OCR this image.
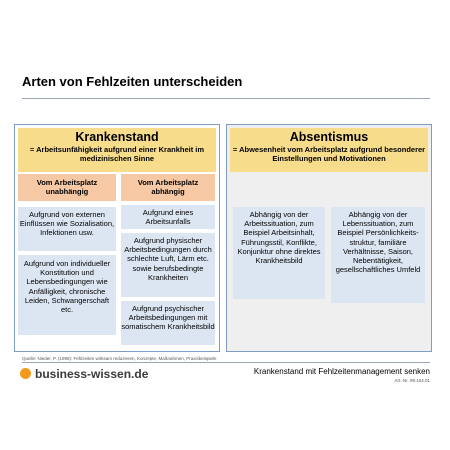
Arten von Fehlzeiten unterscheiden
Krankenstand
= Arbeitsunfähigkeit aufgrund einer Krankheit im medizinischen Sinne
Vom Arbeitsplatz unabhängig
Vom Arbeitsplatz abhängig
Aufgrund von externen Einflüssen wie Sozialisation, Infektionen usw.
Aufgrund von individueller Konstitution und Lebensbedingungen wie Anfälligkeit, chronische Leiden, Schwangerschaft etc.
Aufgrund eines Arbeitsunfalls
Aufgrund physischer Arbeitsbedingungen durch schlechte Luft, Lärm etc. sowie berufsbedingte Krankheiten
Aufgrund psychischer Arbeitsbedingungen mit somatischem Krankheitsbild
Absentismus
= Abwesenheit vom Arbeitsplatz aufgrund besonderer Einstellungen und Motivationen
Abhängig von der Arbeitssituation, zum Beispiel Arbeitsinhalt, Führungsstil, Konflikte, Konjunktur ohne direktes Krankheitsbild
Abhängig von der Lebenssituation, zum Beispiel Persönlichkeits-struktur, familiäre Verhältnisse, Saison, Nebentätigkeit, gesellschaftliches Umfeld
Quelle: Nieder, P. (1998): Fehlzeiten wirksam reduzieren, Konzepte, Maßnahmen, Praxisbeispiele
business-wissen.de	Krankenstand mit Fehlzeitenmanagement senken
Art.-Nr. 99.104.01
